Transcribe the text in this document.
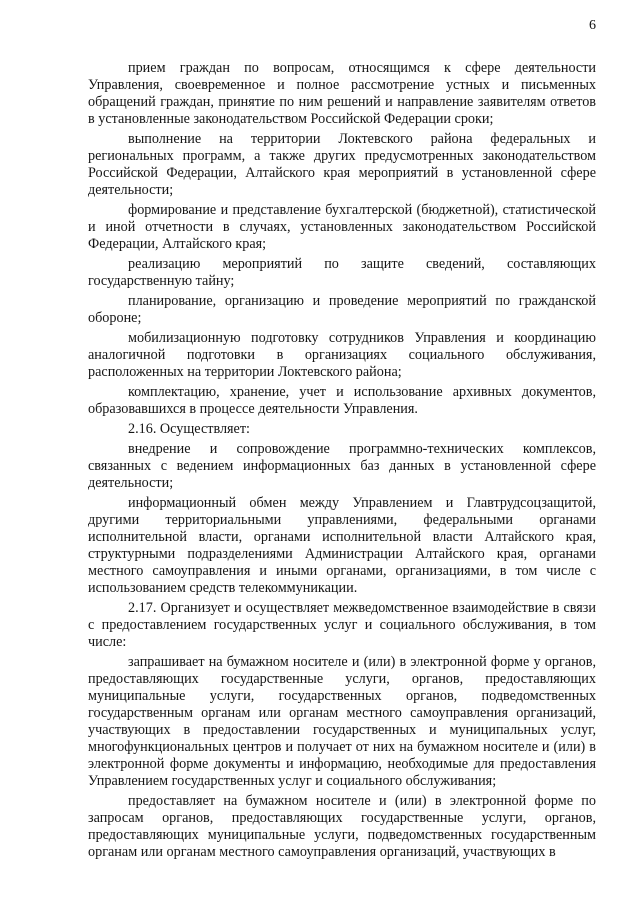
6

прием граждан по вопросам, относящимся к сфере деятельности Управления, своевременное и полное рассмотрение устных и письменных обращений граждан, принятие по ним решений и направление заявителям ответов в установленные законодательством Российской Федерации сроки;

выполнение на территории Локтевского района федеральных и региональных программ, а также других предусмотренных законодательством Российской Федерации, Алтайского края мероприятий в установленной сфере деятельности;

формирование и представление бухгалтерской (бюджетной), статистической и иной отчетности в случаях, установленных законодательством Российской Федерации, Алтайского края;

реализацию мероприятий по защите сведений, составляющих государственную тайну;

планирование, организацию и проведение мероприятий по гражданской обороне;

мобилизационную подготовку сотрудников Управления и координацию аналогичной подготовки в организациях социального обслуживания, расположенных на территории Локтевского района;

комплектацию, хранение, учет и использование архивных документов, образовавшихся в процессе деятельности Управления.

2.16. Осуществляет:

внедрение и сопровождение программно-технических комплексов, связанных с ведением информационных баз данных в установленной сфере деятельности;

информационный обмен между Управлением и Главтрудсоцзащитой, другими территориальными управлениями, федеральными органами исполнительной власти, органами исполнительной власти Алтайского края, структурными подразделениями Администрации Алтайского края, органами местного самоуправления и иными органами, организациями, в том числе с использованием средств телекоммуникации.

2.17. Организует и осуществляет межведомственное взаимодействие в связи с предоставлением государственных услуг и социального обслуживания, в том числе:

запрашивает на бумажном носителе и (или) в электронной форме у органов, предоставляющих государственные услуги, органов, предоставляющих муниципальные услуги, государственных органов, подведомственных государственным органам или органам местного самоуправления организаций, участвующих в предоставлении государственных и муниципальных услуг, многофункциональных центров и получает от них на бумажном носителе и (или) в электронной форме документы и информацию, необходимые для предоставления Управлением государственных услуг и социального обслуживания;

предоставляет на бумажном носителе и (или) в электронной форме по запросам органов, предоставляющих государственные услуги, органов, предоставляющих муниципальные услуги, подведомственных государственным органам или органам местного самоуправления организаций, участвующих в
